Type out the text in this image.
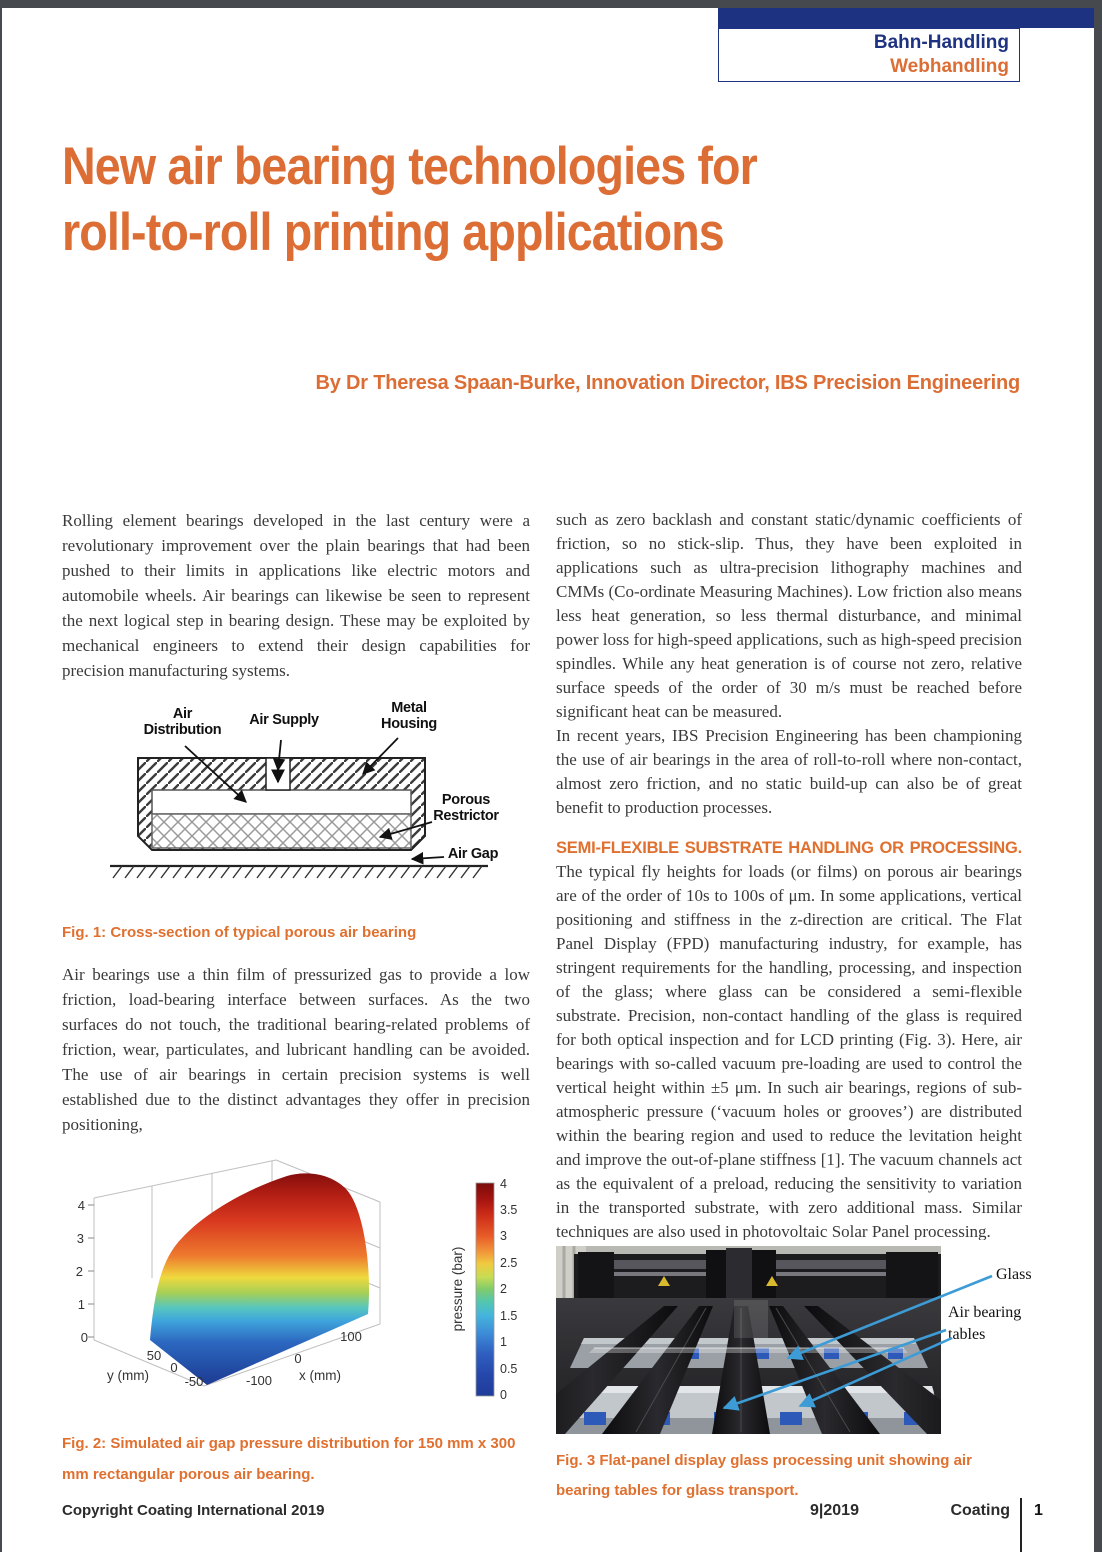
Bahn-Handling
Webhandling
New air bearing technologies for roll-to-roll printing applications
By Dr Theresa Spaan-Burke, Innovation Director, IBS Precision Engineering

Rolling element bearings developed in the last century were a revolutionary improvement over the plain bearings that had been pushed to their limits in applications like electric motors and automobile wheels. Air bearings can likewise be seen to represent the next logical step in bearing design. These may be exploited by mechanical engineers to extend their design capabilities for precision manufacturing systems.

Air Distribution
Air Supply
Metal Housing
Porous Restrictor
Air Gap
Fig. 1: Cross-section of typical porous air bearing

Air bearings use a thin film of pressurized gas to provide a low friction, load-bearing interface between surfaces. As the two surfaces do not touch, the traditional bearing-related problems of friction, wear, particulates, and lubricant handling can be avoided. The use of air bearings in certain precision systems is well established due to the distinct advantages they offer in precision positioning,

4
3
2
1
0
50
0
-50
y (mm)	-100
0
100
x (mm)
4
3.5
3
2.5
2
1.5
1
0.5
0
pressure (bar)
Fig. 2: Simulated air gap pressure distribution for 150 mm x 300 mm rectangular porous air bearing.

such as zero backlash and constant static/dynamic coefficients of friction, so no stick-slip. Thus, they have been exploited in applications such as ultra-precision lithography machines and CMMs (Co-ordinate Measuring Machines). Low friction also means less heat generation, so less thermal disturbance, and minimal power loss for high-speed applications, such as high-speed precision spindles. While any heat generation is of course not zero, relative surface speeds of the order of 30 m/s must be reached before significant heat can be measured.

In recent years, IBS Precision Engineering has been championing the use of air bearings in the area of roll-to-roll where non-contact, almost zero friction, and no static build-up can also be of great benefit to production processes.

SEMI-FLEXIBLE SUBSTRATE HANDLING OR PROCESSING. The typical fly heights for loads (or films) on porous air bearings are of the order of 10s to 100s of μm. In some applications, vertical positioning and stiffness in the z-direction are critical. The Flat Panel Display (FPD) manufacturing industry, for example, has stringent requirements for the handling, processing, and inspection of the glass; where glass can be considered a semi-flexible substrate. Precision, non-contact handling of the glass is required for both optical inspection and for LCD printing (Fig. 3). Here, air bearings with so-called vacuum pre-loading are used to control the vertical height within ±5 μm. In such air bearings, regions of sub-atmospheric pressure (‘vacuum holes or grooves’) are distributed within the bearing region and used to reduce the levitation height and improve the out-of-plane stiffness [1]. The vacuum channels act as the equivalent of a preload, reducing the sensitivity to variation in the transported substrate, with zero additional mass. Similar techniques are also used in photovoltaic Solar Panel processing.

Glass
Air bearing tables
Fig. 3 Flat-panel display glass processing unit showing air bearing tables for glass transport.
Copyright Coating International 2019	9|2019	Coating 1
